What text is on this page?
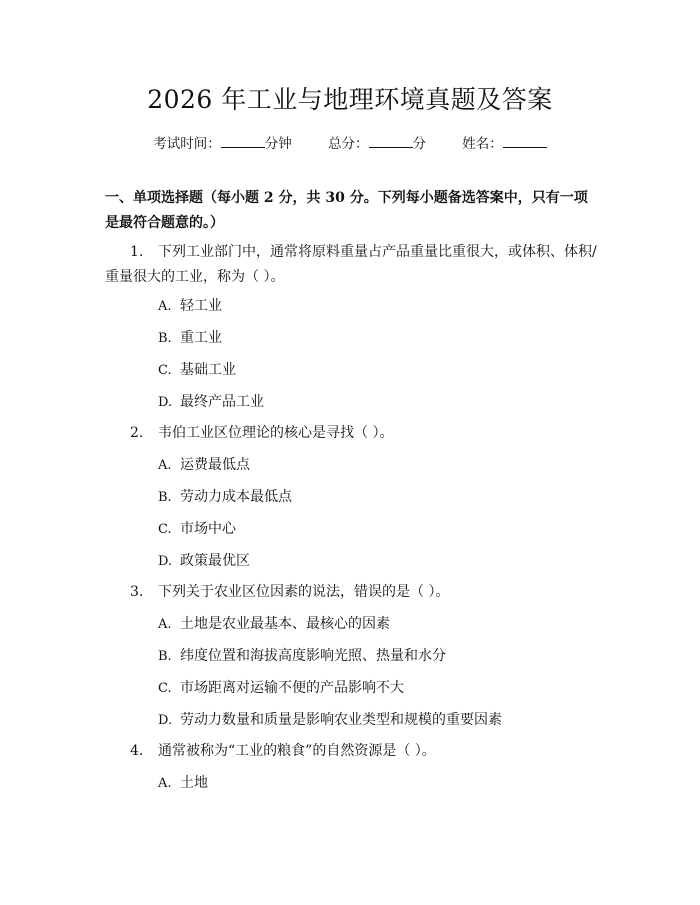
2026 年工业与地理环境真题及答案
考试时间：	分钟	总分：	分	姓名：
一、单项选择题（每小题 2 分，共 30 分。下列每小题备选答案中，只有一项是最符合题意的。）
1. 下列工业部门中，通常将原料重量占产品重量比重很大，或体积、体积/重量很大的工业，称为（ ）。
A. 轻工业
B. 重工业
C. 基础工业
D. 最终产品工业
2. 韦伯工业区位理论的核心是寻找（ ）。
A. 运费最低点
B. 劳动力成本最低点
C. 市场中心
D. 政策最优区
3. 下列关于农业区位因素的说法，错误的是（ ）。
A. 土地是农业最基本、最核心的因素
B. 纬度位置和海拔高度影响光照、热量和水分
C. 市场距离对运输不便的产品影响不大
D. 劳动力数量和质量是影响农业类型和规模的重要因素
4. 通常被称为“工业的粮食”的自然资源是（ ）。
A. 土地
